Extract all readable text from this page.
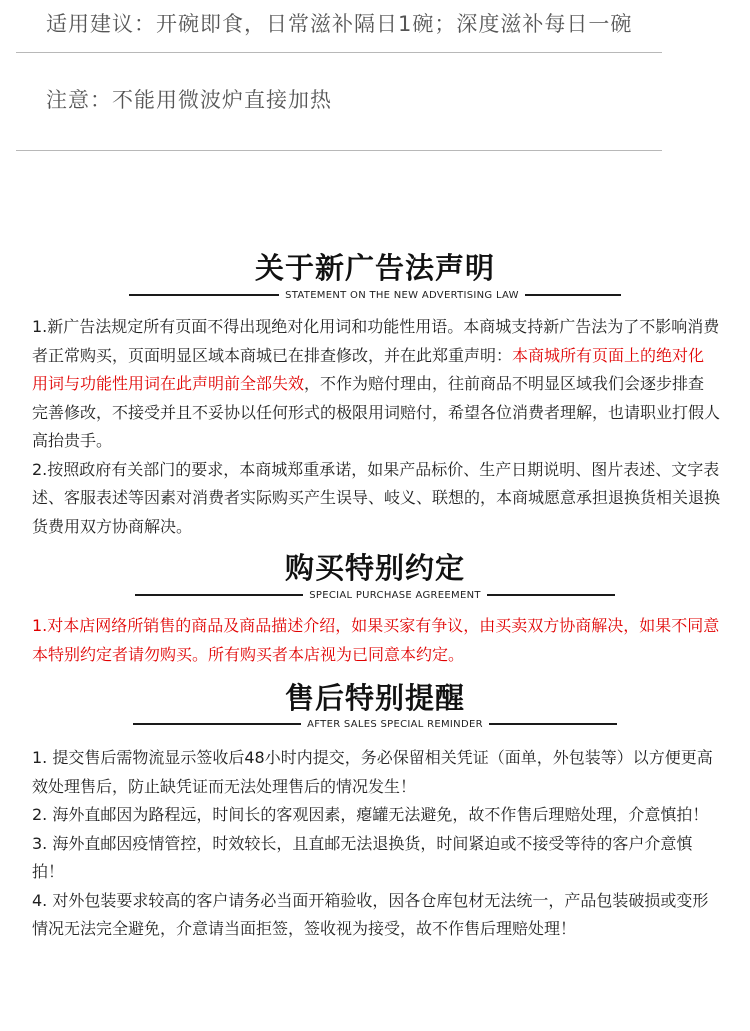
适用建议：开碗即食，日常滋补隔日1碗；深度滋补每日一碗
注意：不能用微波炉直接加热
关于新广告法声明
STATEMENT ON THE NEW ADVERTISING LAW

1.新广告法规定所有页面不得出现绝对化用词和功能性用语。本商城支持新广告法为了不影响消费者正常购买，页面明显区域本商城已在排查修改，并在此郑重声明：本商城所有页面上的绝对化用词与功能性用词在此声明前全部失效，不作为赔付理由，往前商品不明显区域我们会逐步排查完善修改，不接受并且不妥协以任何形式的极限用词赔付，希望各位消费者理解，也请职业打假人高抬贵手。

2.按照政府有关部门的要求，本商城郑重承诺，如果产品标价、生产日期说明、图片表述、文字表述、客服表述等因素对消费者实际购买产生误导、岐义、联想的，本商城愿意承担退换货相关退换货费用双方协商解决。

购买特别约定
SPECIAL PURCHASE AGREEMENT

1.对本店网络所销售的商品及商品描述介绍，如果买家有争议，由买卖双方协商解决，如果不同意本特别约定者请勿购买。所有购买者本店视为已同意本约定。

售后特别提醒
AFTER SALES SPECIAL REMINDER

1. 提交售后需物流显示签收后48小时内提交，务必保留相关凭证（面单，外包装等）以方便更高效处理售后，防止缺凭证而无法处理售后的情况发生！

2. 海外直邮因为路程远，时间长的客观因素，瘪罐无法避免，故不作售后理赔处理，介意慎拍！

3. 海外直邮因疫情管控，时效较长，且直邮无法退换货，时间紧迫或不接受等待的客户介意慎拍！

4. 对外包装要求较高的客户请务必当面开箱验收，因各仓库包材无法统一，产品包装破损或变形情况无法完全避免，介意请当面拒签，签收视为接受，故不作售后理赔处理！
